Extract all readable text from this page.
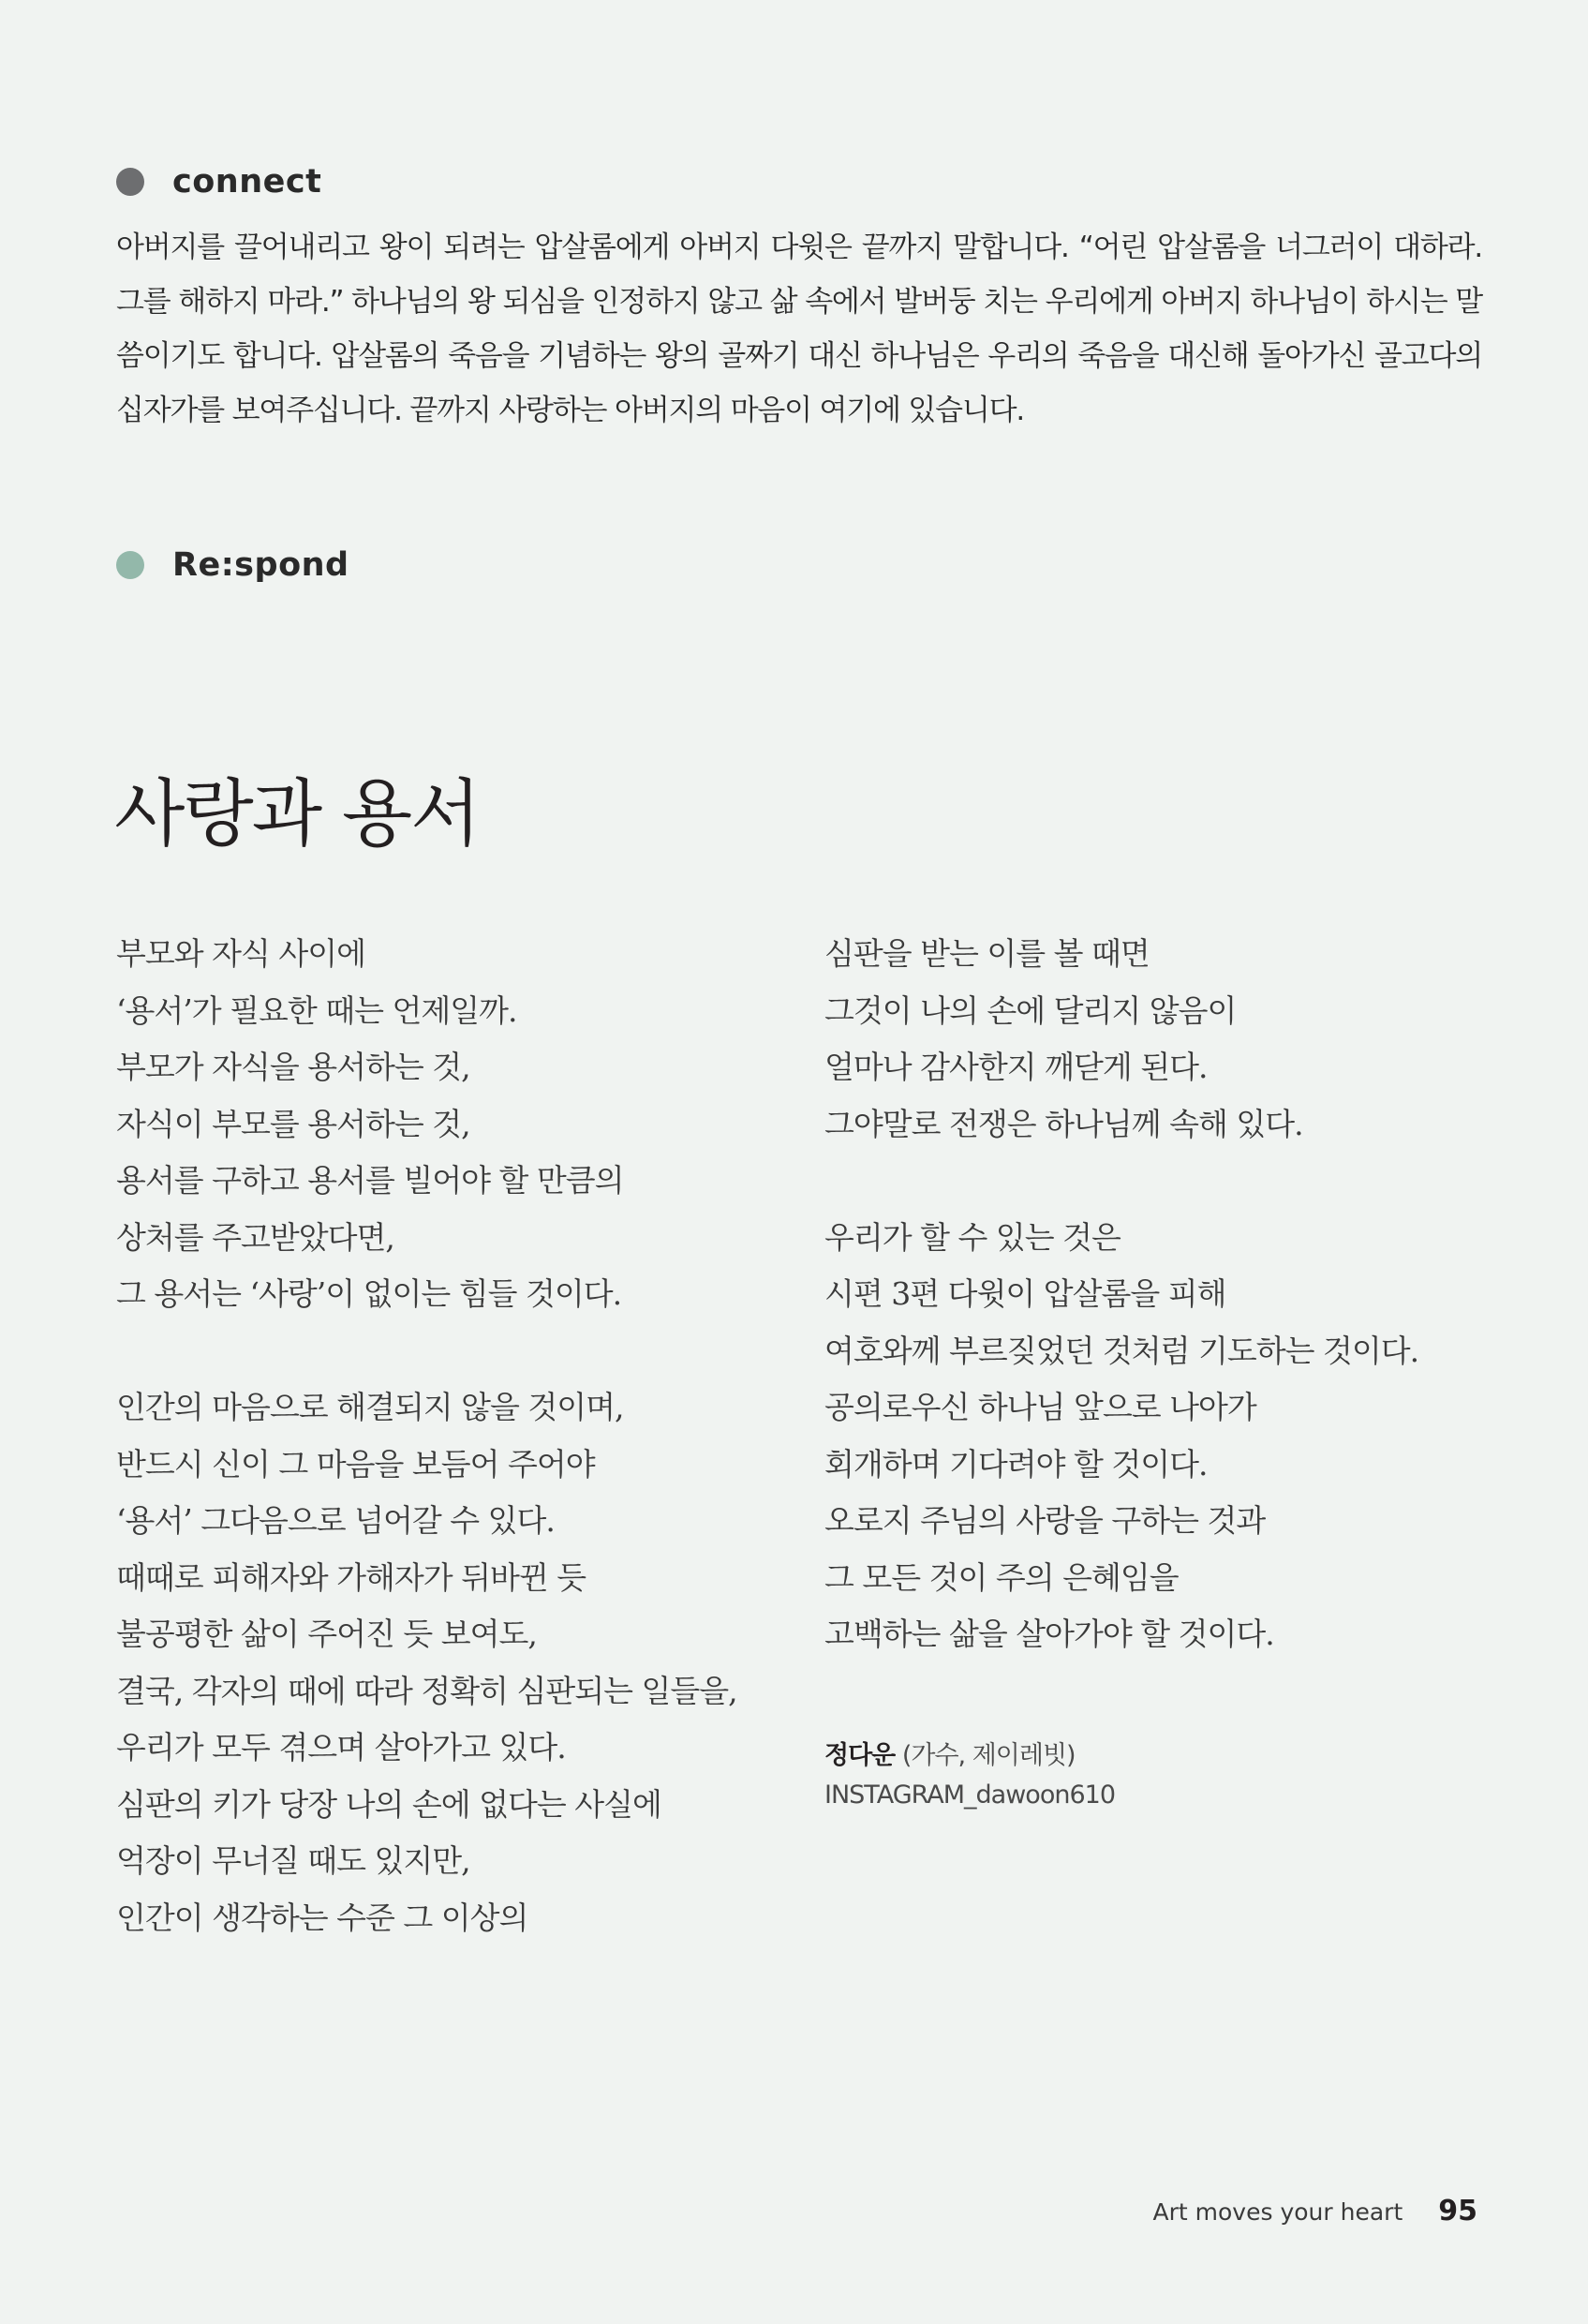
connect

아버지를 끌어내리고 왕이 되려는 압살롬에게 아버지 다윗은 끝까지 말합니다. “어린 압살롬을 너그러이 대하라. 그를 해하지 마라.” 하나님의 왕 되심을 인정하지 않고 삶 속에서 발버둥 치는 우리에게 아버지 하나님이 하시는 말씀이기도 합니다. 압살롬의 죽음을 기념하는 왕의 골짜기 대신 하나님은 우리의 죽음을 대신해 돌아가신 골고다의 십자가를 보여주십니다. 끝까지 사랑하는 아버지의 마음이 여기에 있습니다.

Re:spond
사랑과 용서
부모와 자식 사이에
‘용서’가 필요한 때는 언제일까.
부모가 자식을 용서하는 것,
자식이 부모를 용서하는 것,
용서를 구하고 용서를 빌어야 할 만큼의
상처를 주고받았다면,
그 용서는 ‘사랑’이 없이는 힘들 것이다.
인간의 마음으로 해결되지 않을 것이며,
반드시 신이 그 마음을 보듬어 주어야
‘용서’ 그다음으로 넘어갈 수 있다.
때때로 피해자와 가해자가 뒤바뀐 듯
불공평한 삶이 주어진 듯 보여도,
결국, 각자의 때에 따라 정확히 심판되는 일들을,
우리가 모두 겪으며 살아가고 있다.
심판의 키가 당장 나의 손에 없다는 사실에
억장이 무너질 때도 있지만,
인간이 생각하는 수준 그 이상의
심판을 받는 이를 볼 때면
그것이 나의 손에 달리지 않음이
얼마나 감사한지 깨닫게 된다.
그야말로 전쟁은 하나님께 속해 있다.
우리가 할 수 있는 것은
시편 3편 다윗이 압살롬을 피해
여호와께 부르짖었던 것처럼 기도하는 것이다.
공의로우신 하나님 앞으로 나아가
회개하며 기다려야 할 것이다.
오로지 주님의 사랑을 구하는 것과
그 모든 것이 주의 은혜임을
고백하는 삶을 살아가야 할 것이다.
정다운 (가수, 제이레빗)
INSTAGRAM_dawoon610
Art moves your heart 95
